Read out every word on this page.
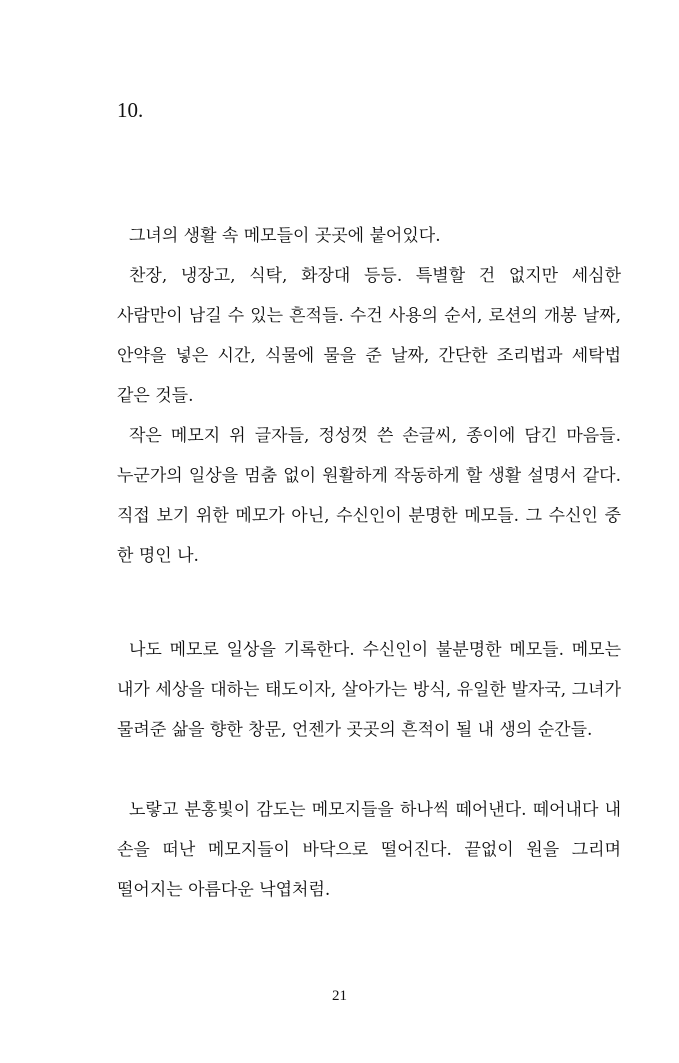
10.

그녀의 생활 속 메모들이 곳곳에 붙어있다.

찬장, 냉장고, 식탁, 화장대 등등. 특별할 건 없지만 세심한 사람만이 남길 수 있는 흔적들. 수건 사용의 순서, 로션의 개봉 날짜, 안약을 넣은 시간, 식물에 물을 준 날짜, 간단한 조리법과 세탁법 같은 것들.

작은 메모지 위 글자들, 정성껏 쓴 손글씨, 종이에 담긴 마음들. 누군가의 일상을 멈춤 없이 원활하게 작동하게 할 생활 설명서 같다. 직접 보기 위한 메모가 아닌, 수신인이 분명한 메모들. 그 수신인 중 한 명인 나.

나도 메모로 일상을 기록한다. 수신인이 불분명한 메모들. 메모는 내가 세상을 대하는 태도이자, 살아가는 방식, 유일한 발자국, 그녀가 물려준 삶을 향한 창문, 언젠가 곳곳의 흔적이 될 내 생의 순간들.

노랗고 분홍빛이 감도는 메모지들을 하나씩 떼어낸다. 떼어내다 내 손을 떠난 메모지들이 바닥으로 떨어진다. 끝없이 원을 그리며 떨어지는 아름다운 낙엽처럼.

21
